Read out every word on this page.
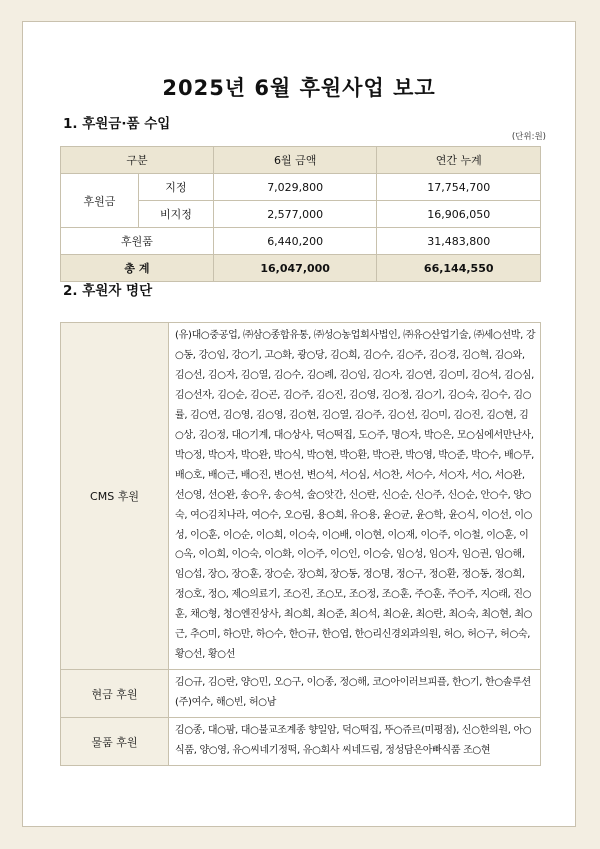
2025년 6월 후원사업 보고
1. 후원금·품 수입
(단위:원)
구분		6월 금액	연간 누계
후원금	지정	7,029,800	17,754,700
	비지정	2,577,000	16,906,050
후원품		6,440,200	31,483,800
총 계		16,047,000	66,144,550
2. 후원자 명단
CMS 후원	(유)대○중공업, ㈜삼○종합유통, ㈜성○농업회사법인, ㈜유○산업기술, ㈜세○선박, 강○동, 강○임, 강○기, 고○화, 광○당, 김○희, 김○수, 김○주, 김○경, 김○혁, 김○와, 김○선, 김○자, 김○열, 김○수, 김○례, 김○임, 김○자, 김○연, 김○미, 김○석, 김○심, 김○선자, 김○순, 김○곤, 김○주, 김○진, 김○영, 김○정, 김○기, 김○숙, 김○수, 김○률, 김○연, 김○영, 김○영, 김○현, 김○열, 김○주, 김○선, 김○미, 김○진, 김○현, 김○상, 김○정, 대○기계, 대○상사, 덕○떡집, 도○주, 명○자, 박○은, 모○심에서만난사, 박○정, 박○자, 박○완, 박○식, 박○현, 박○환, 박○관, 박○영, 박○준, 박○수, 배○무, 배○호, 배○근, 배○진, 변○선, 변○석, 서○심, 서○찬, 서○수, 서○자, 서○, 서○완, 선○영, 선○완, 송○우, 송○석, 술○앗간, 신○란, 신○순, 신○주, 신○순, 안○수, 양○숙, 여○김치나라, 여○수, 오○림, 용○희, 유○용, 윤○균, 윤○학, 윤○식, 이○선, 이○성, 이○훈, 이○순, 이○희, 이○숙, 이○배, 이○현, 이○재, 이○주, 이○철, 이○훈, 이○옥, 이○희, 이○숙, 이○화, 이○주, 이○인, 이○승, 임○성, 임○자, 임○권, 임○해, 임○섭, 장○, 장○훈, 장○순, 장○희, 장○동, 정○명, 정○구, 정○환, 정○동, 정○희, 정○호, 정○, 제○의료기, 조○진, 조○모, 조○정, 조○훈, 주○훈, 주○주, 지○래, 진○훈, 채○형, 청○엔진상사, 최○희, 최○준, 최○석, 최○윤, 최○란, 최○숙, 최○현, 최○근, 추○미, 하○만, 하○수, 한○규, 한○엽, 한○리신경외과의원, 허○, 허○구, 허○숙, 황○선, 황○선
현금 후원	김○규, 김○란, 양○민, 오○구, 이○종, 정○해, 코○아이러브피플, 한○기, 한○솔루션(주)여수, 해○빈, 허○남
물품 후원	김○종, 대○팜, 대○불교조계종 향일암, 덕○떡집, 뚜○쥬르(미평점), 신○한의원, 아○식품, 양○영, 유○씨네기정떡, 유○회사 씨네드림, 정성담은아빠식품 조○현
